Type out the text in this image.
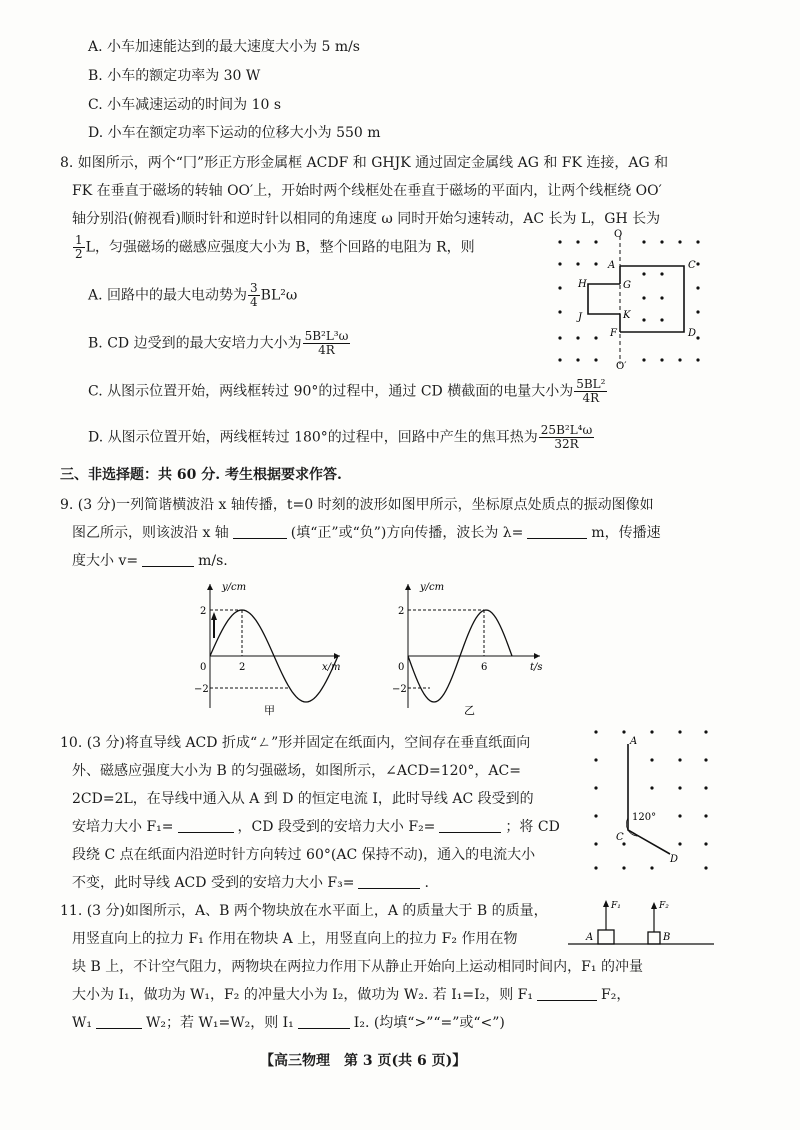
A. 小车加速能达到的最大速度大小为 5 m/s
B. 小车的额定功率为 30 W
C. 小车减速运动的时间为 10 s
D. 小车在额定功率下运动的位移大小为 550 m
8. 如图所示，两个“冂”形正方形金属框 ACDF 和 GHJK 通过固定金属线 AG 和 FK 连接，AG 和
FK 在垂直于磁场的转轴 OO′上，开始时两个线框处在垂直于磁场的平面内，让两个线框绕 OO′
轴分别沿(俯视看)顺时针和逆时针以相同的角速度 ω 同时开始匀速转动，AC 长为 L，GH 长为
$\frac{1}{2}$ L，匀强磁场的磁感应强度大小为 B，整个回路的电阻为 R，则
A. 回路中的最大电动势为 $\frac{3}{4} BL^2\omega$
B. CD 边受到的最大安培力大小为 $\frac{\text{5B²L³ω}}{4R}$
C. 从图示位置开始，两线框转过 90°的过程中，通过 CD 横截面的电量大小为 $\frac{\text{5BL²}}{4R}$
D. 从图示位置开始，两线框转过 180°的过程中，回路中产生的焦耳热为 $\frac{\text{25B²L⁴ω}}{32R}$
O
O′
A	C
D
F
G
H
J	K
三、非选择题：共 60 分. 考生根据要求作答.
9. (3 分)一列简谐横波沿 x 轴传播，t=0 时刻的波形如图甲所示，坐标原点处质点的振动图像如
图乙所示，则该波沿 x 轴	(填“正”或“负”)方向传播，波长为 λ=	m，传播速
度大小 v=	m/s.
y/cm
x/m
2
−2
2
0
甲
y/cm
t/s
2
−2
6
0
乙
10. (3 分)将直导线 ACD 折成“ㄥ”形并固定在纸面内，空间存在垂直纸面向
外、磁感应强度大小为 B 的匀强磁场，如图所示，∠ACD=120°，AC=
2CD=2L，在导线中通入从 A 到 D 的恒定电流 I，此时导线 AC 段受到的
安培力大小 F₁=	，CD 段受到的安培力大小 F₂=	；将 CD
段绕 C 点在纸面内沿逆时针方向转过 60°(AC 保持不动)，通入的电流大小
不变，此时导线 ACD 受到的安培力大小 F₃=	.
A
C
D
120°
11. (3 分)如图所示，A、B 两个物块放在水平面上，A 的质量大于 B 的质量，
用竖直向上的拉力 F₁ 作用在物块 A 上，用竖直向上的拉力 F₂ 作用在物
块 B 上，不计空气阻力，两物块在两拉力作用下从静止开始向上运动相同时间内，F₁ 的冲量
大小为 I₁，做功为 W₁，F₂ 的冲量大小为 I₂，做功为 W₂. 若 I₁=I₂，则 F₁	F₂，
W₁	W₂；若 W₁=W₂，则 I₁	I₂. (均填“>”“=”或“<”)
A	B
F₁	F₂
【高三物理　第 3 页(共 6 页)】
